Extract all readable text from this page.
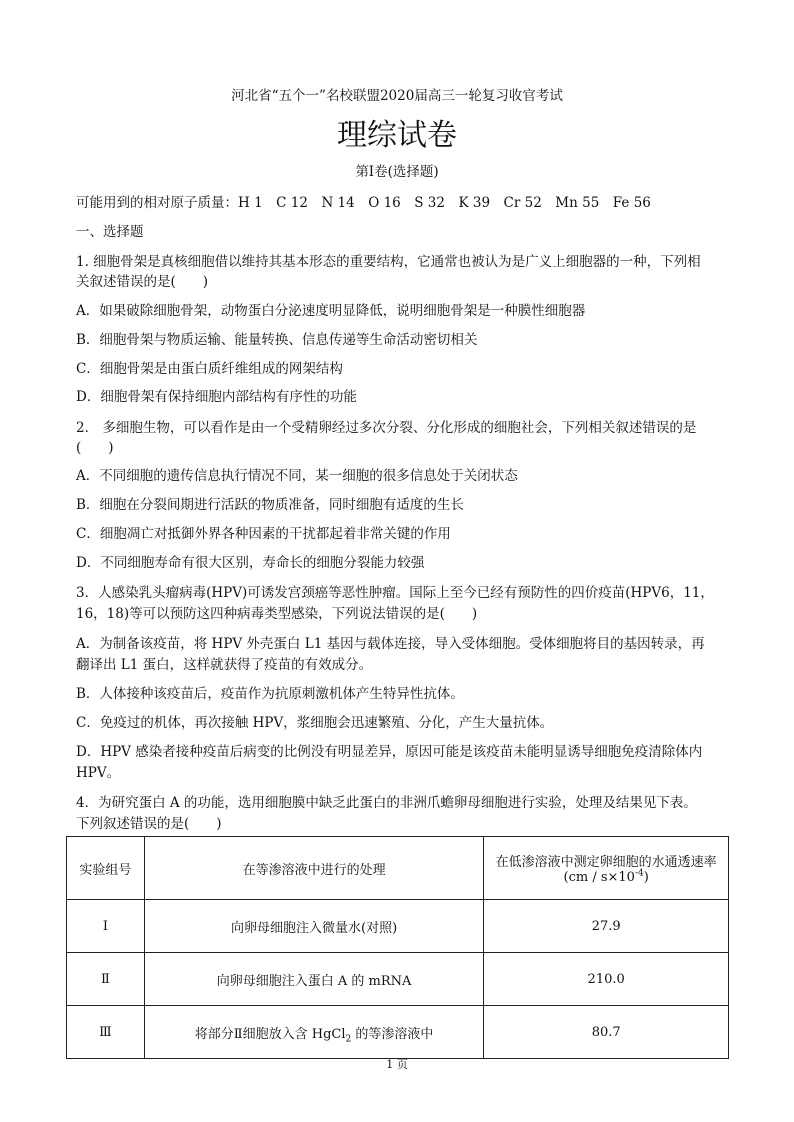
河北省“五个一”名校联盟2020届高三一轮复习收官考试
理综试卷
第Ⅰ卷(选择题)
可能用到的相对原子质量：H 1　C 12　N 14　O 16　S 32　K 39　Cr 52　Mn 55　Fe 56
一、选择题
1. 细胞骨架是真核细胞借以维持其基本形态的重要结构，它通常也被认为是广义上细胞器的一种，下列相
关叙述错误的是(　　)
A．如果破除细胞骨架，动物蛋白分泌速度明显降低，说明细胞骨架是一种膜性细胞器
B．细胞骨架与物质运输、能量转换、信息传递等生命活动密切相关
C．细胞骨架是由蛋白质纤维组成的网架结构
D．细胞骨架有保持细胞内部结构有序性的功能
2． 多细胞生物，可以看作是由一个受精卵经过多次分裂、分化形成的细胞社会，下列相关叙述错误的是
(　　)
A．不同细胞的遗传信息执行情况不同，某一细胞的很多信息处于关闭状态
B．细胞在分裂间期进行活跃的物质准备，同时细胞有适度的生长
C．细胞凋亡对抵御外界各种因素的干扰都起着非常关键的作用
D．不同细胞寿命有很大区别，寿命长的细胞分裂能力较强
3．人感染乳头瘤病毒(HPV)可诱发宫颈癌等恶性肿瘤。国际上至今已经有预防性的四价疫苗(HPV6，11，
16，18)等可以预防这四种病毒类型感染，下列说法错误的是(　　)
A．为制备该疫苗，将 HPV 外壳蛋白 L1 基因与载体连接，导入受体细胞。受体细胞将目的基因转录，再
翻译出 L1 蛋白，这样就获得了疫苗的有效成分。
B．人体接种该疫苗后，疫苗作为抗原刺激机体产生特异性抗体。
C．免疫过的机体，再次接触 HPV，浆细胞会迅速繁殖、分化，产生大量抗体。
D．HPV 感染者接种疫苗后病变的比例没有明显差异，原因可能是该疫苗未能明显诱导细胞免疫清除体内
HPV。
4．为研究蛋白 A 的功能，选用细胞膜中缺乏此蛋白的非洲爪蟾卵母细胞进行实验，处理及结果见下表。
下列叙述错误的是(　　)
实验组号	在等渗溶液中进行的处理	在低渗溶液中测定卵细胞的水通透速率
$(cm / s\times 10^{-4})$

Ⅰ	向卵母细胞注入微量水(对照)	27.9
Ⅱ	向卵母细胞注入蛋白 A 的 mRNA	210.0
Ⅲ	将部分Ⅱ细胞放入含 HgCl$_2$ 的等渗溶液中	80.7
1 页
